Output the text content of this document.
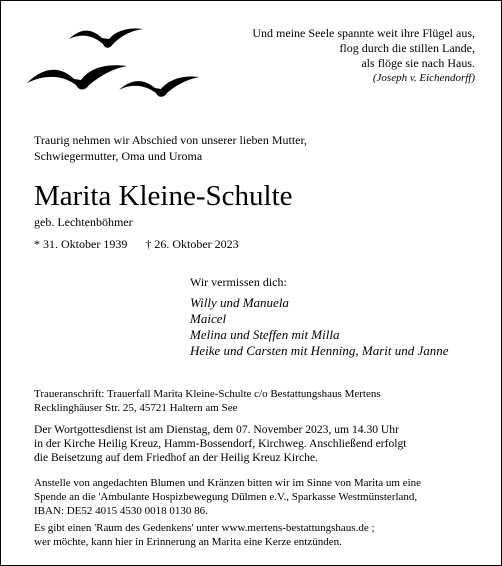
Und meine Seele spannte weit ihre Flügel aus,
flog durch die stillen Lande,
als flöge sie nach Haus.
(Joseph v. Eichendorff)
Traurig nehmen wir Abschied von unserer lieben Mutter,
Schwiegermutter, Oma und Uroma
Marita Kleine-Schulte
geb. Lechtenböhmer
* 31. Oktober 1939 † 26. Oktober 2023
Wir vermissen dich:
Willy und Manuela
Maicel
Melina und Steffen mit Milla
Heike und Carsten mit Henning, Marit und Janne
Traueranschrift: Trauerfall Marita Kleine-Schulte c/o Bestattungshaus Mertens
Recklinghäuser Str. 25, 45721 Haltern am See
Der Wortgottesdienst ist am Dienstag, dem 07. November 2023, um 14.30 Uhr
in der Kirche Heilig Kreuz, Hamm-Bossendorf, Kirchweg. Anschließend erfolgt
die Beisetzung auf dem Friedhof an der Heilig Kreuz Kirche.
Anstelle von angedachten Blumen und Kränzen bitten wir im Sinne von Marita um eine
Spende an die 'Ambulante Hospizbewegung Dülmen e.V., Sparkasse Westmünsterland,
IBAN: DE52 4015 4530 0018 0130 86.
Es gibt einen 'Raum des Gedenkens' unter www.mertens-bestattungshaus.de ;
wer möchte, kann hier in Erinnerung an Marita eine Kerze entzünden.
